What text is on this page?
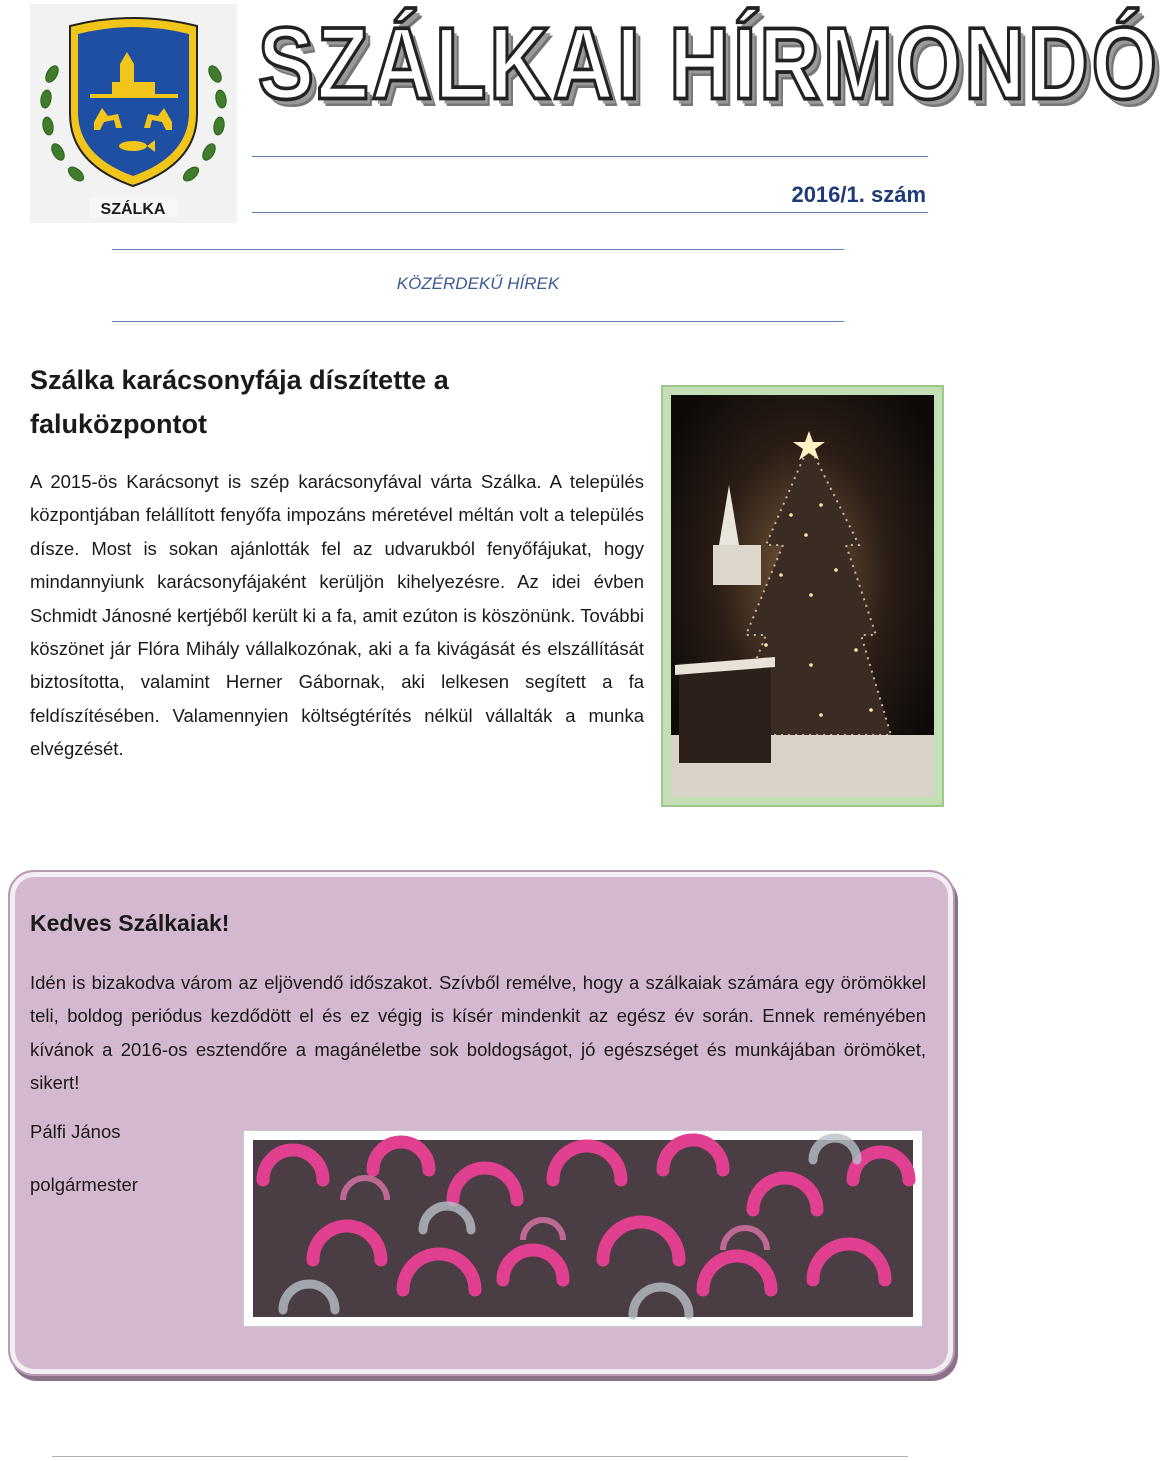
SZÁLKA
SZÁLKAI HÍRMONDÓ
2016/1. szám
KÖZÉRDEKŰ HÍREK
Szálka karácsonyfája díszítette a faluközpontot
A 2015-ös Karácsonyt is szép karácsonyfával várta Szálka. A település központjában felállított fenyőfa impozáns méretével méltán volt a település dísze. Most is sokan ajánlották fel az udvarukból fenyőfájukat, hogy mindannyiunk karácsonyfájaként kerüljön kihelyezésre. Az idei évben Schmidt Jánosné kertjéből került ki a fa, amit ezúton is köszönünk. További köszönet jár Flóra Mihály vállalkozónak, aki a fa kivágását és elszállítását biztosította, valamint Herner Gábornak, aki lelkesen segített a fa feldíszítésében. Valamennyien költségtérítés nélkül vállalták a munka elvégzését.
Kedves Szálkaiak!
Idén is bizakodva várom az eljövendő időszakot. Szívből remélve, hogy a szálkaiak számára egy örömökkel teli, boldog periódus kezdődött el és ez végig is kísér mindenkit az egész év során. Ennek reményében kívánok a 2016-os esztendőre a magánéletbe sok boldogságot, jó egészséget és munkájában örömöket, sikert!
Pálfi János
polgármester
